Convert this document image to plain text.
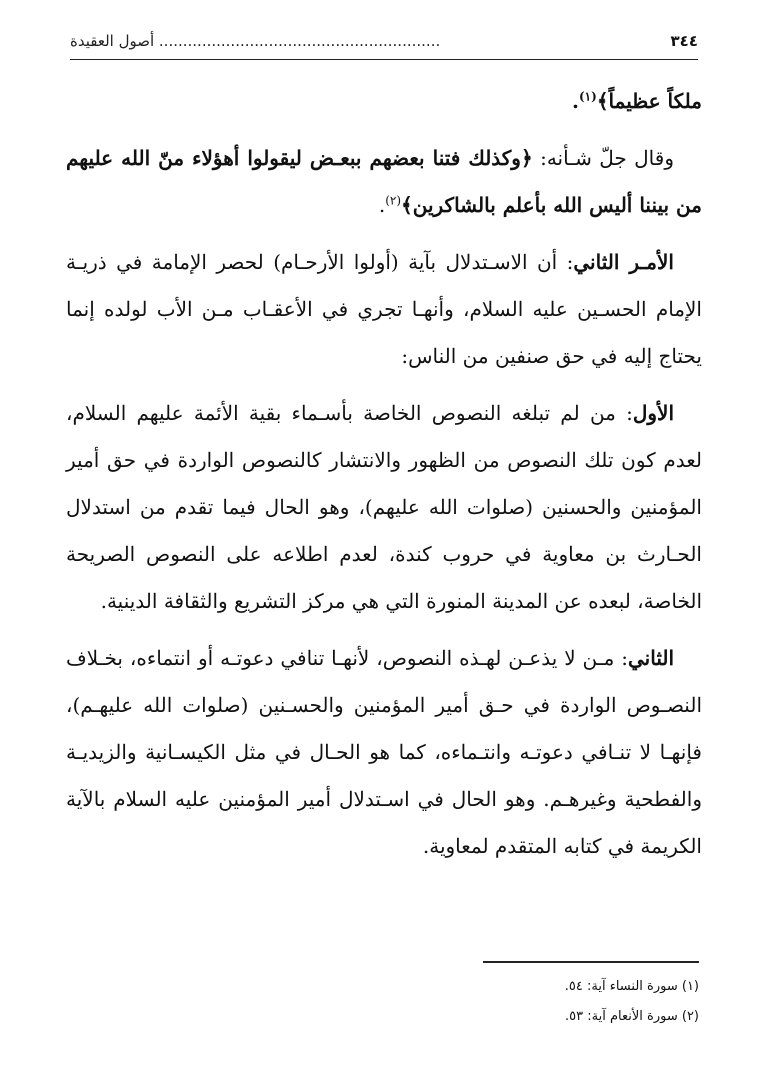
٣٤٤
........................................................... أصول العقيدة

ملكاً عظيماً﴾$^{(١)}$.

وقال جلّ شـأنه: ﴿وكذلك فتنا بعضهم ببعـض ليقولوا أهؤلاء منّ الله عليهم من بيننا أليس الله بأعلم بالشاكرين﴾$^{(٢)}$.

الأمـر الثاني: أن الاسـتدلال بآية (أولوا الأرحـام) لحصر الإمامة في ذريـة الإمام الحسـين عليه السلام، وأنهـا تجري في الأعقـاب مـن الأب لولده إنما يحتاج إليه في حق صنفين من الناس:

الأول: من لم تبلغه النصوص الخاصة بأسـماء بقية الأئمة عليهم السلام، لعدم كون تلك النصوص من الظهور والانتشار كالنصوص الواردة في حق أمير المؤمنين والحسنين (صلوات الله عليهم)، وهو الحال فيما تقدم من استدلال الحـارث بن معاوية في حروب كندة، لعدم اطلاعه على النصوص الصريحة الخاصة، لبعده عن المدينة المنورة التي هي مركز التشريع والثقافة الدينية.

الثاني: مـن لا يذعـن لهـذه النصوص، لأنهـا تنافي دعوتـه أو انتماءه، بخـلاف النصـوص الواردة في حـق أمير المؤمنين والحسـنين (صلوات الله عليهـم)، فإنهـا لا تنـافي دعوتـه وانتـماءه، كما هو الحـال في مثل الكيسـانية والزيديـة والفطحية وغيرهـم. وهو الحال في اسـتدلال أمير المؤمنين عليه السلام بالآية الكريمة في كتابه المتقدم لمعاوية.

(١) سورة النساء آية: ٥٤.
(٢) سورة الأنعام آية: ٥٣.
